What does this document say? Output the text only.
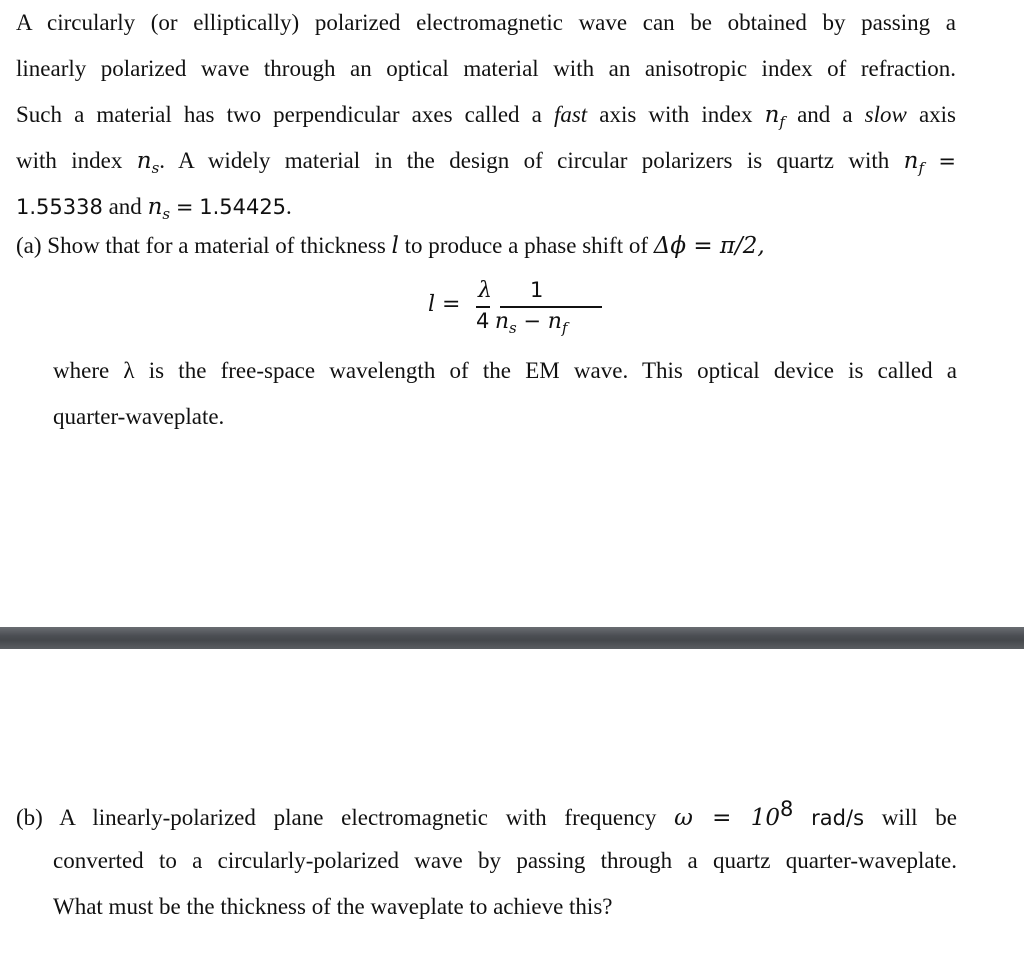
A circularly (or elliptically) polarized electromagnetic wave can be obtained by passing a
linearly polarized wave through an optical material with an anisotropic index of refraction.
Such a material has two perpendicular axes called a fast axis with index $n_f$ and a slow axis
with index $n_s$. A widely material in the design of circular polarizers is quartz with $n_f$ =
1.55338 and $n_s = 1.54425$.
(a) Show that for a material of thickness l to produce a phase shift of Δϕ = π/2,
l =
λ 1
4 $n_s - n_f$
where λ is the free-space wavelength of the EM wave. This optical device is called a
quarter-waveplate.
(b) A linearly-polarized plane electromagnetic with frequency $\omega = 10^8$ rad/s will be
converted to a circularly-polarized wave by passing through a quartz quarter-waveplate.
What must be the thickness of the waveplate to achieve this?
